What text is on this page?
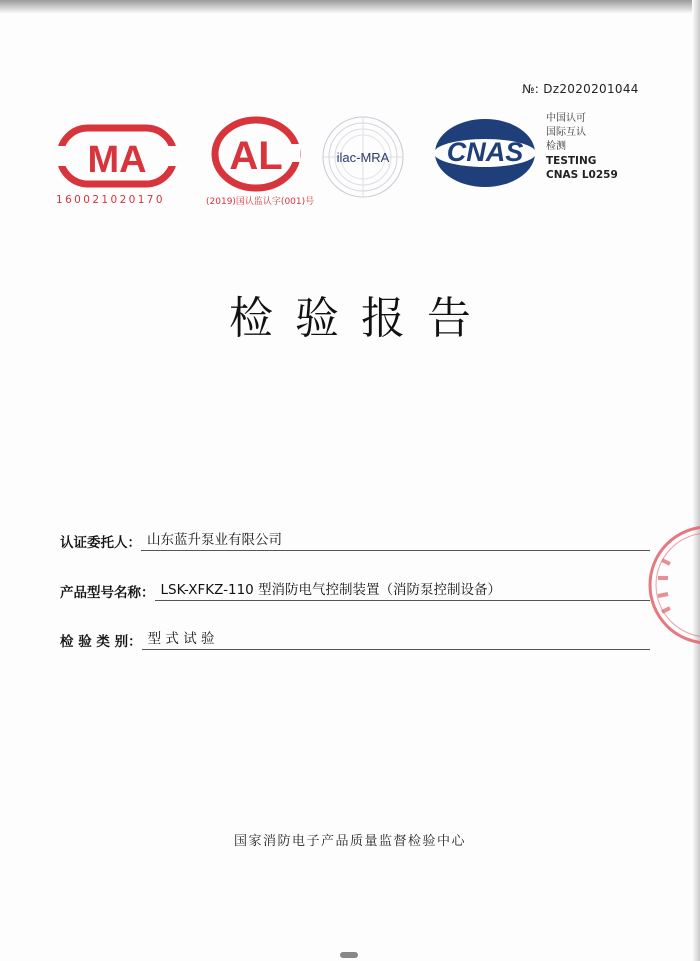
№: Dz2020201044
MA
160021020170
AL
(2019)国认监认字(001)号
ilac-MRA CNAS
中国认可
国际互认
检测
TESTING
CNAS L0259
检验报告
认证委托人： 山东蓝升泵业有限公司
产品型号名称： LSK-XFKZ-110 型消防电气控制装置（消防泵控制设备）
检 验 类 别： 型 式 试 验
国家消防电子产品质量监督检验中心
